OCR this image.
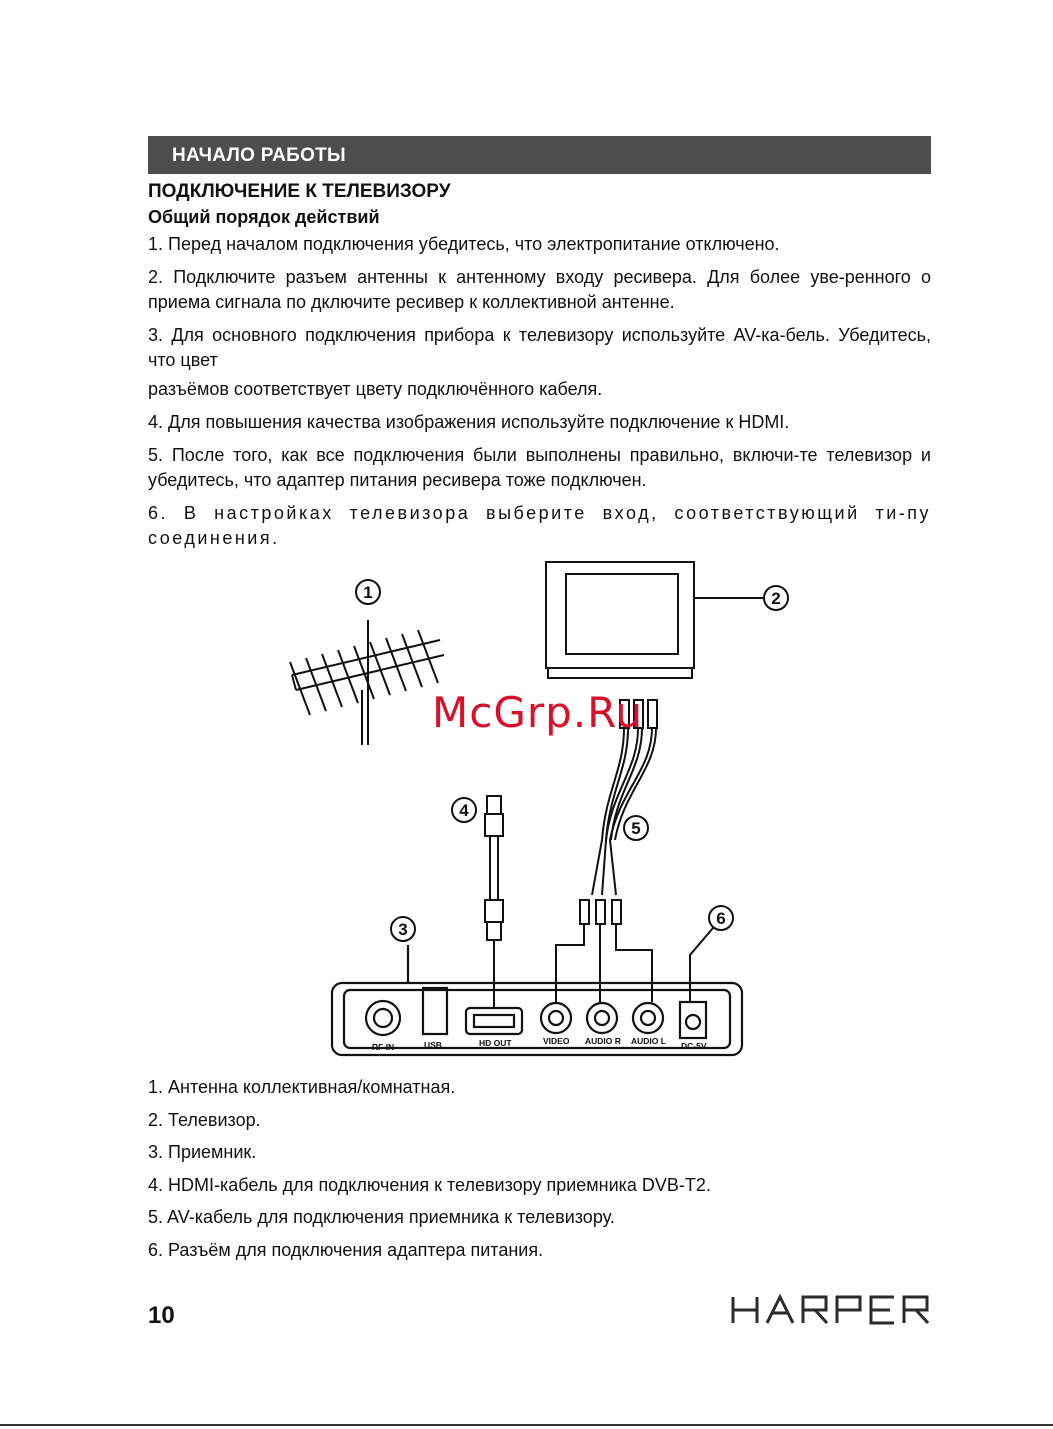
НАЧАЛО РАБОТЫ
ПОДКЛЮЧЕНИЕ К ТЕЛЕВИЗОРУ
Общий порядок действий

1. Перед началом подключения убедитесь, что электропитание отключено.

2. Подключите разъем антенны к антенному входу ресивера. Для более уве-ренного о приема сигнала по дключите ресивер к коллективной антенне.

3. Для основного подключения прибора к телевизору используйте AV-ка-бель. Убедитесь, что цвет

разъёмов соответствует цвету подключённого кабеля.

4. Для повышения качества изображения используйте подключение к HDMI.

5. После того, как все подключения были выполнены правильно, включи-те телевизор и убедитесь, что адаптер питания ресивера тоже подключен.

6. В настройках телевизора выберите вход, соответствующий ти-пу соединения.

RF IN	USB	HD OUT	VIDEO AUDIO R AUDIO L DC-5V
1	2
3
4
5
6
McGrp.Ru
1. Антенна коллективная/комнатная.
2. Телевизор.
3. Приемник.
4. HDMI-кабель для подключения к телевизору приемника DVB-T2.
5. AV-кабель для подключения приемника к телевизору.
6. Разъём для подключения адаптера питания.
10
